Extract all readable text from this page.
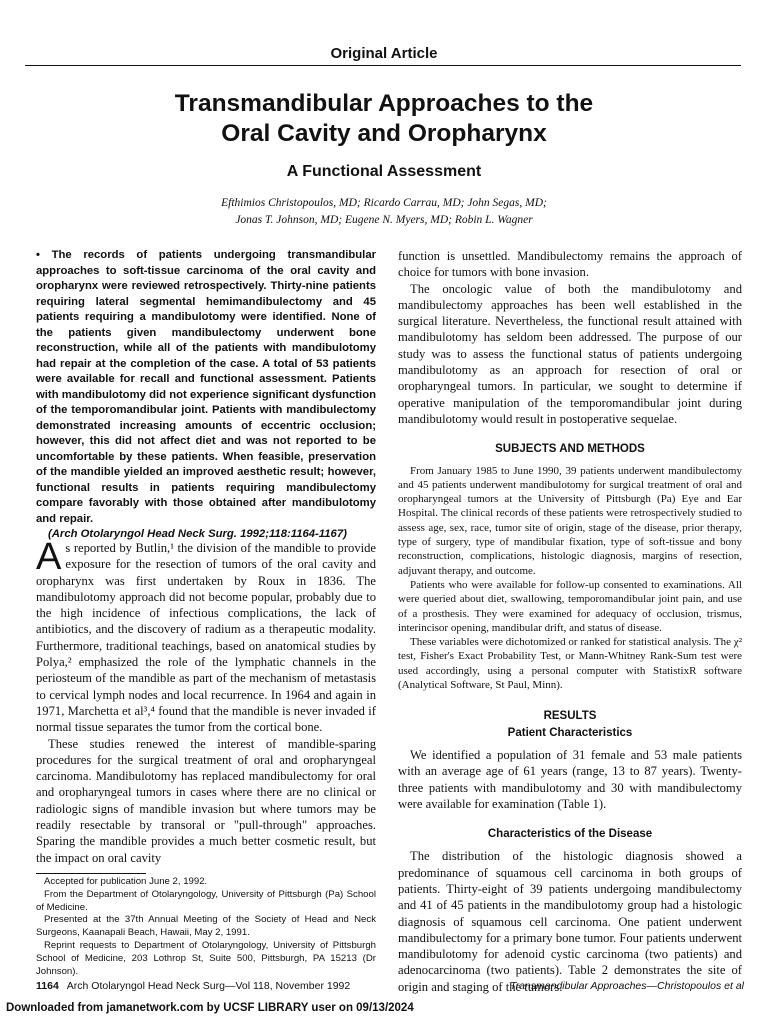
Original Article
Transmandibular Approaches to the
Oral Cavity and Oropharynx
A Functional Assessment
Efthimios Christopoulos, MD; Ricardo Carrau, MD; John Segas, MD;
Jonas T. Johnson, MD; Eugene N. Myers, MD; Robin L. Wagner
• The records of patients undergoing transmandibular approaches to soft-tissue carcinoma of the oral cavity and oropharynx were reviewed retrospectively. Thirty-nine patients requiring lateral segmental hemimandibulectomy and 45 patients requiring a mandibulotomy were identified. None of the patients given mandibulectomy underwent bone reconstruction, while all of the patients with mandibulotomy had repair at the completion of the case. A total of 53 patients were available for recall and functional assessment. Patients with mandibulotomy did not experience significant dysfunction of the temporomandibular joint. Patients with mandibulectomy demonstrated increasing amounts of eccentric occlusion; however, this did not affect diet and was not reported to be uncomfortable by these patients. When feasible, preservation of the mandible yielded an improved aesthetic result; however, functional results in patients requiring mandibulectomy compare favorably with those obtained after mandibulotomy and repair.
(Arch Otolaryngol Head Neck Surg. 1992;118:1164-1167)

As reported by Butlin,¹ the division of the mandible to provide exposure for the resection of tumors of the oral cavity and oropharynx was first undertaken by Roux in 1836. The mandibulotomy approach did not become popular, probably due to the high incidence of infectious complications, the lack of antibiotics, and the discovery of radium as a therapeutic modality. Furthermore, traditional teachings, based on anatomical studies by Polya,² emphasized the role of the lymphatic channels in the periosteum of the mandible as part of the mechanism of metastasis to cervical lymph nodes and local recurrence. In 1964 and again in 1971, Marchetta et al³,⁴ found that the mandible is never invaded if normal tissue separates the tumor from the cortical bone.

These studies renewed the interest of mandible-sparing procedures for the surgical treatment of oral and oropharyngeal carcinoma. Mandibulotomy has replaced mandibulectomy for oral and oropharyngeal tumors in cases where there are no clinical or radiologic signs of mandible invasion but where tumors may be readily resectable by transoral or "pull-through" approaches. Sparing the mandible provides a much better cosmetic result, but the impact on oral cavity

Accepted for publication June 2, 1992.

From the Department of Otolaryngology, University of Pittsburgh (Pa) School of Medicine.

Presented at the 37th Annual Meeting of the Society of Head and Neck Surgeons, Kaanapali Beach, Hawaii, May 2, 1991.

Reprint requests to Department of Otolaryngology, University of Pittsburgh School of Medicine, 203 Lothrop St, Suite 500, Pittsburgh, PA 15213 (Dr Johnson).

function is unsettled. Mandibulectomy remains the approach of choice for tumors with bone invasion.

The oncologic value of both the mandibulotomy and mandibulectomy approaches has been well established in the surgical literature. Nevertheless, the functional result attained with mandibulotomy has seldom been addressed. The purpose of our study was to assess the functional status of patients undergoing mandibulotomy as an approach for resection of oral or oropharyngeal tumors. In particular, we sought to determine if operative manipulation of the temporomandibular joint during mandibulotomy would result in postoperative sequelae.

SUBJECTS AND METHODS

From January 1985 to June 1990, 39 patients underwent mandibulectomy and 45 patients underwent mandibulotomy for surgical treatment of oral and oropharyngeal tumors at the University of Pittsburgh (Pa) Eye and Ear Hospital. The clinical records of these patients were retrospectively studied to assess age, sex, race, tumor site of origin, stage of the disease, prior therapy, type of surgery, type of mandibular fixation, type of soft-tissue and bony reconstruction, complications, histologic diagnosis, margins of resection, adjuvant therapy, and outcome.

Patients who were available for follow-up consented to examinations. All were queried about diet, swallowing, temporomandibular joint pain, and use of a prosthesis. They were examined for adequacy of occlusion, trismus, interincisor opening, mandibular drift, and status of disease.

These variables were dichotomized or ranked for statistical analysis. The χ² test, Fisher's Exact Probability Test, or Mann-Whitney Rank-Sum test were used accordingly, using a personal computer with StatistixR software (Analytical Software, St Paul, Minn).

RESULTS

Patient Characteristics

We identified a population of 31 female and 53 male patients with an average age of 61 years (range, 13 to 87 years). Twenty-three patients with mandibulotomy and 30 with mandibulectomy were available for examination (Table 1).

Characteristics of the Disease

The distribution of the histologic diagnosis showed a predominance of squamous cell carcinoma in both groups of patients. Thirty-eight of 39 patients undergoing mandibulectomy and 41 of 45 patients in the mandibulotomy group had a histologic diagnosis of squamous cell carcinoma. One patient underwent mandibulectomy for a primary bone tumor. Four patients underwent mandibulotomy for adenoid cystic carcinoma (two patients) and adenocarcinoma (two patients). Table 2 demonstrates the site of origin and staging of the tumors.

1164 Arch Otolaryngol Head Neck Surg—Vol 118, November 1992	Transmandibular Approaches—Christopoulos et al
Downloaded from jamanetwork.com by UCSF LIBRARY user on 09/13/2024
